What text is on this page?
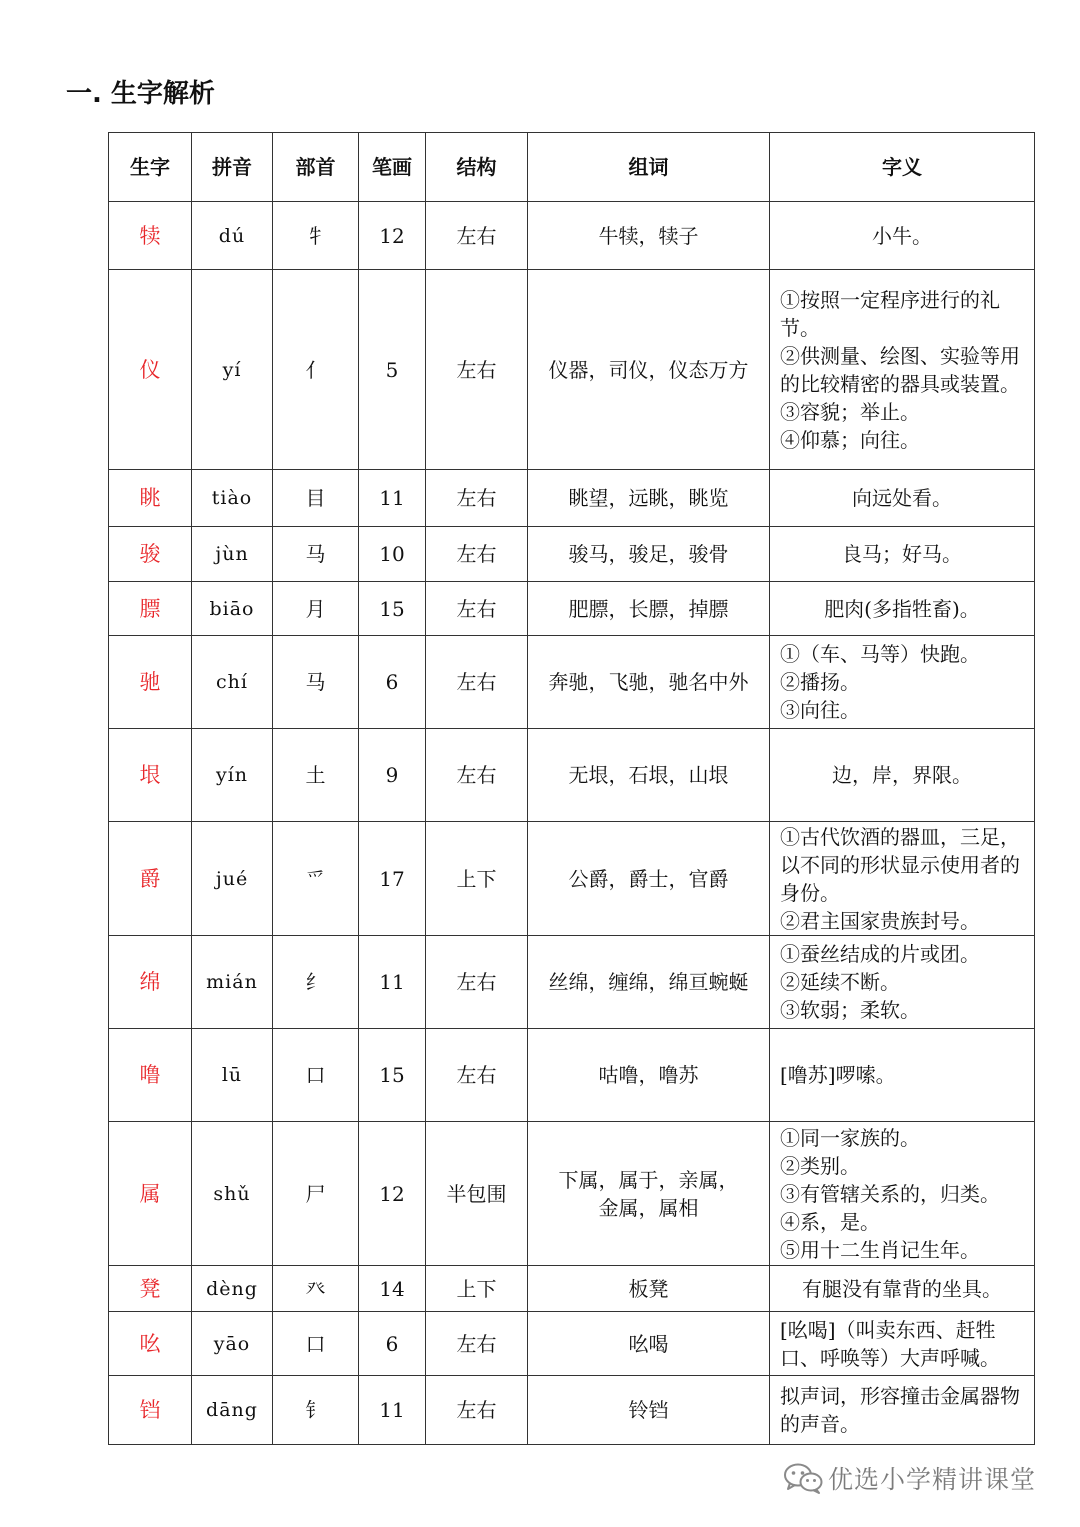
一. 生字解析
生字	拼音	部首	笔画	结构	组词	字义
犊	dú	牜	12	左右	牛犊，犊子	小牛。

仪	yí	亻	5	左右	仪器，司仪，仪态万方	①按照一定程序进行的礼节。
②供测量、绘图、实验等用的比较精密的器具或装置。
③容貌；举止。
④仰慕；向往。

眺	tiào	目	11	左右	眺望，远眺，眺览	向远处看。

骏	jùn	马	10	左右	骏马，骏足，骏骨	良马；好马。

膘	biāo	月	15	左右	肥膘，长膘，掉膘	肥肉(多指牲畜)。

驰	chí	马	6	左右	奔驰，飞驰，驰名中外	①（车、马等）快跑。
②播扬。
③向往。

垠	yín	土	9	左右	无垠，石垠，山垠	边，岸，界限。

爵	jué	爫	17	上下	公爵，爵士，官爵	①古代饮酒的器皿，三足，以不同的形状显示使用者的身份。
②君主国家贵族封号。

绵	mián	纟	11	左右	丝绵，缠绵，绵亘蜿蜒	①蚕丝结成的片或团。
②延续不断。
③软弱；柔软。

噜	lū	口	15	左右	咕噜，噜苏	[噜苏]啰嗦。

属	shǔ	尸	12	半包围	下属，属于，亲属，
金属，属相	①同一家族的。
②类别。
③有管辖关系的，归类。
④系，是。
⑤用十二生肖记生年。

凳	dèng	癶	14	上下	板凳	有腿没有靠背的坐具。

吆	yāo	口	6	左右	吆喝	[吆喝]（叫卖东西、赶牲口、呼唤等）大声呼喊。

铛	dāng	钅	11	左右	铃铛	拟声词，形容撞击金属器物的声音。
优选小学精讲课堂
